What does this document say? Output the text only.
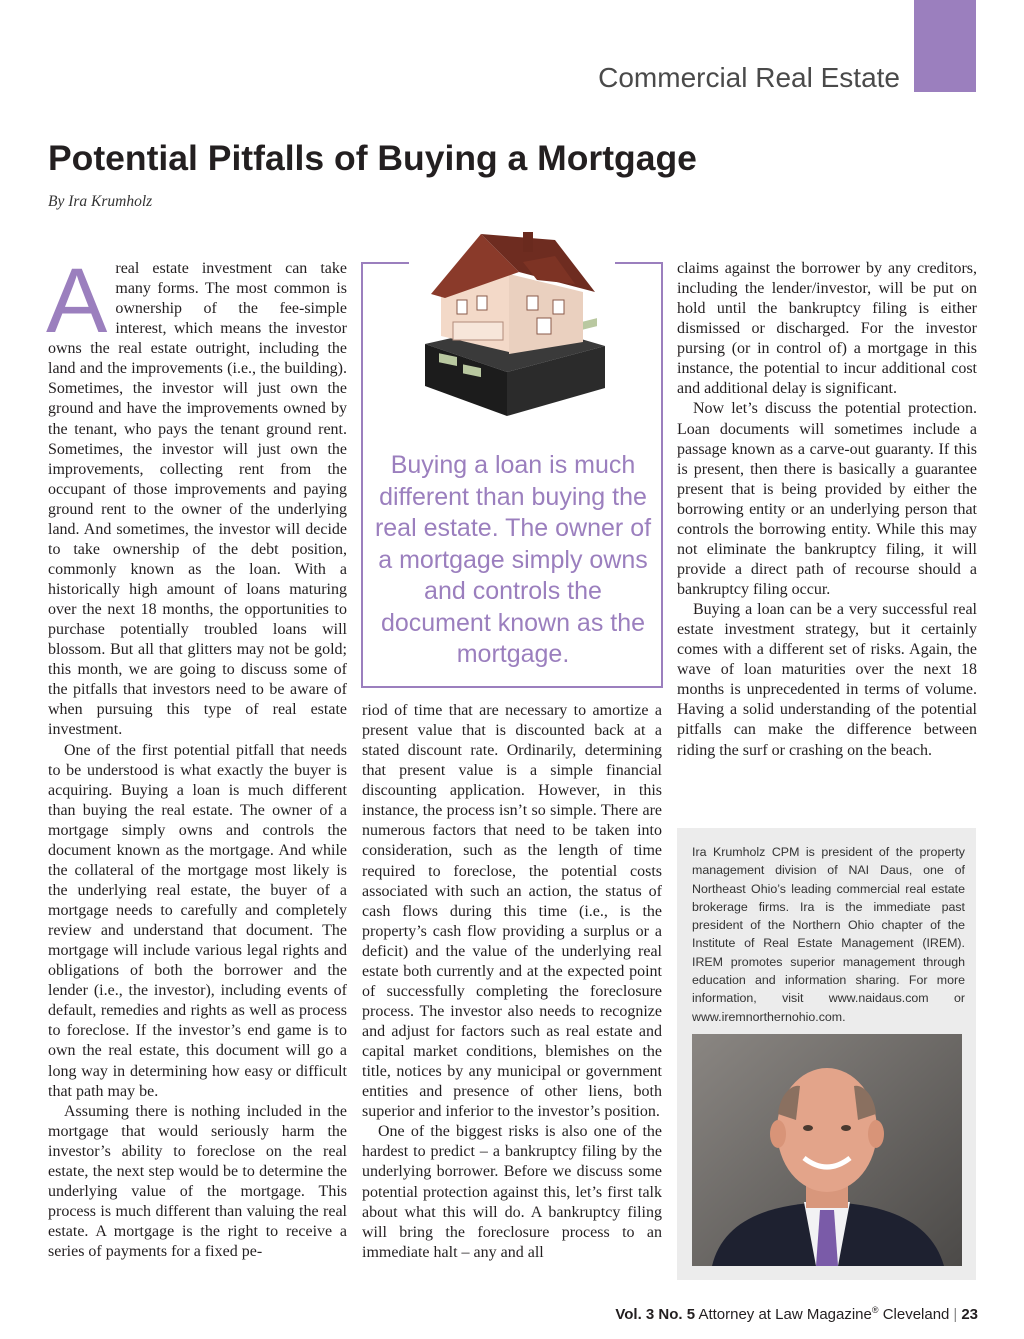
Commercial Real Estate
Potential Pitfalls of Buying a Mortgage
By Ira Krumholz

Areal estate investment can take many forms. The most common is ownership of the fee-simple interest, which means the investor owns the real estate outright, including the land and the improvements (i.e., the building). Sometimes, the investor will just own the ground and have the improvements owned by the tenant, who pays the tenant ground rent. Sometimes, the investor will just own the improvements, collecting rent from the occupant of those improvements and paying ground rent to the owner of the underlying land. And sometimes, the investor will decide to take ownership of the debt position, commonly known as the loan. With a historically high amount of loans maturing over the next 18 months, the opportunities to purchase potentially troubled loans will blossom. But all that glitters may not be gold; this month, we are going to discuss some of the pitfalls that investors need to be aware of when pursuing this type of real estate investment.

One of the first potential pitfall that needs to be understood is what exactly the buyer is acquiring. Buying a loan is much different than buying the real estate. The owner of a mortgage simply owns and controls the document known as the mortgage. And while the collateral of the mortgage most likely is the underlying real estate, the buyer of a mortgage needs to carefully and completely review and understand that document. The mortgage will include various legal rights and obligations of both the borrower and the lender (i.e., the investor), including events of default, remedies and rights as well as process to foreclose. If the investor’s end game is to own the real estate, this document will go a long way in determining how easy or difficult that path may be.

Assuming there is nothing included in the mortgage that would seriously harm the investor’s ability to foreclose on the real estate, the next step would be to determine the underlying value of the mortgage. This process is much different than valuing the real estate. A mortgage is the right to receive a series of payments for a fixed pe-

Buying a loan is much different than buying the real estate. The owner of a mortgage simply owns and controls the document known as the mortgage.

riod of time that are necessary to amortize a present value that is discounted back at a stated discount rate. Ordinarily, determining that present value is a simple financial discounting application. However, in this instance, the process isn’t so simple. There are numerous factors that need to be taken into consideration, such as the length of time required to foreclose, the potential costs associated with such an action, the status of cash flows during this time (i.e., is the property’s cash flow providing a surplus or a deficit) and the value of the underlying real estate both currently and at the expected point of successfully completing the foreclosure process. The investor also needs to recognize and adjust for factors such as real estate and capital market conditions, blemishes on the title, notices by any municipal or government entities and presence of other liens, both superior and inferior to the investor’s position.

One of the biggest risks is also one of the hardest to predict – a bankruptcy filing by the underlying borrower. Before we discuss some potential protection against this, let’s first talk about what this will do. A bankruptcy filing will bring the foreclosure process to an immediate halt – any and all

claims against the borrower by any creditors, including the lender/investor, will be put on hold until the bankruptcy filing is either dismissed or discharged. For the investor pursing (or in control of) a mortgage in this instance, the potential to incur additional cost and additional delay is significant.

Now let’s discuss the potential protection. Loan documents will sometimes include a passage known as a carve-out guaranty. If this is present, then there is basically a guarantee present that is being provided by either the borrowing entity or an underlying person that controls the borrowing entity. While this may not eliminate the bankruptcy filing, it will provide a direct path of recourse should a bankruptcy filing occur.

Buying a loan can be a very successful real estate investment strategy, but it certainly comes with a different set of risks. Again, the wave of loan maturities over the next 18 months is unprecedented in terms of volume. Having a solid understanding of the potential pitfalls can make the difference between riding the surf or crashing on the beach.

Ira Krumholz CPM is president of the property management division of NAI Daus, one of Northeast Ohio’s leading commercial real estate brokerage firms. Ira is the immediate past president of the Northern Ohio chapter of the Institute of Real Estate Management (IREM). IREM promotes superior management through education and information sharing. For more information, visit www.naidaus.com or www.iremnorthernohio.com.
Vol. 3 No. 5 Attorney at Law Magazine® Cleveland | 23
